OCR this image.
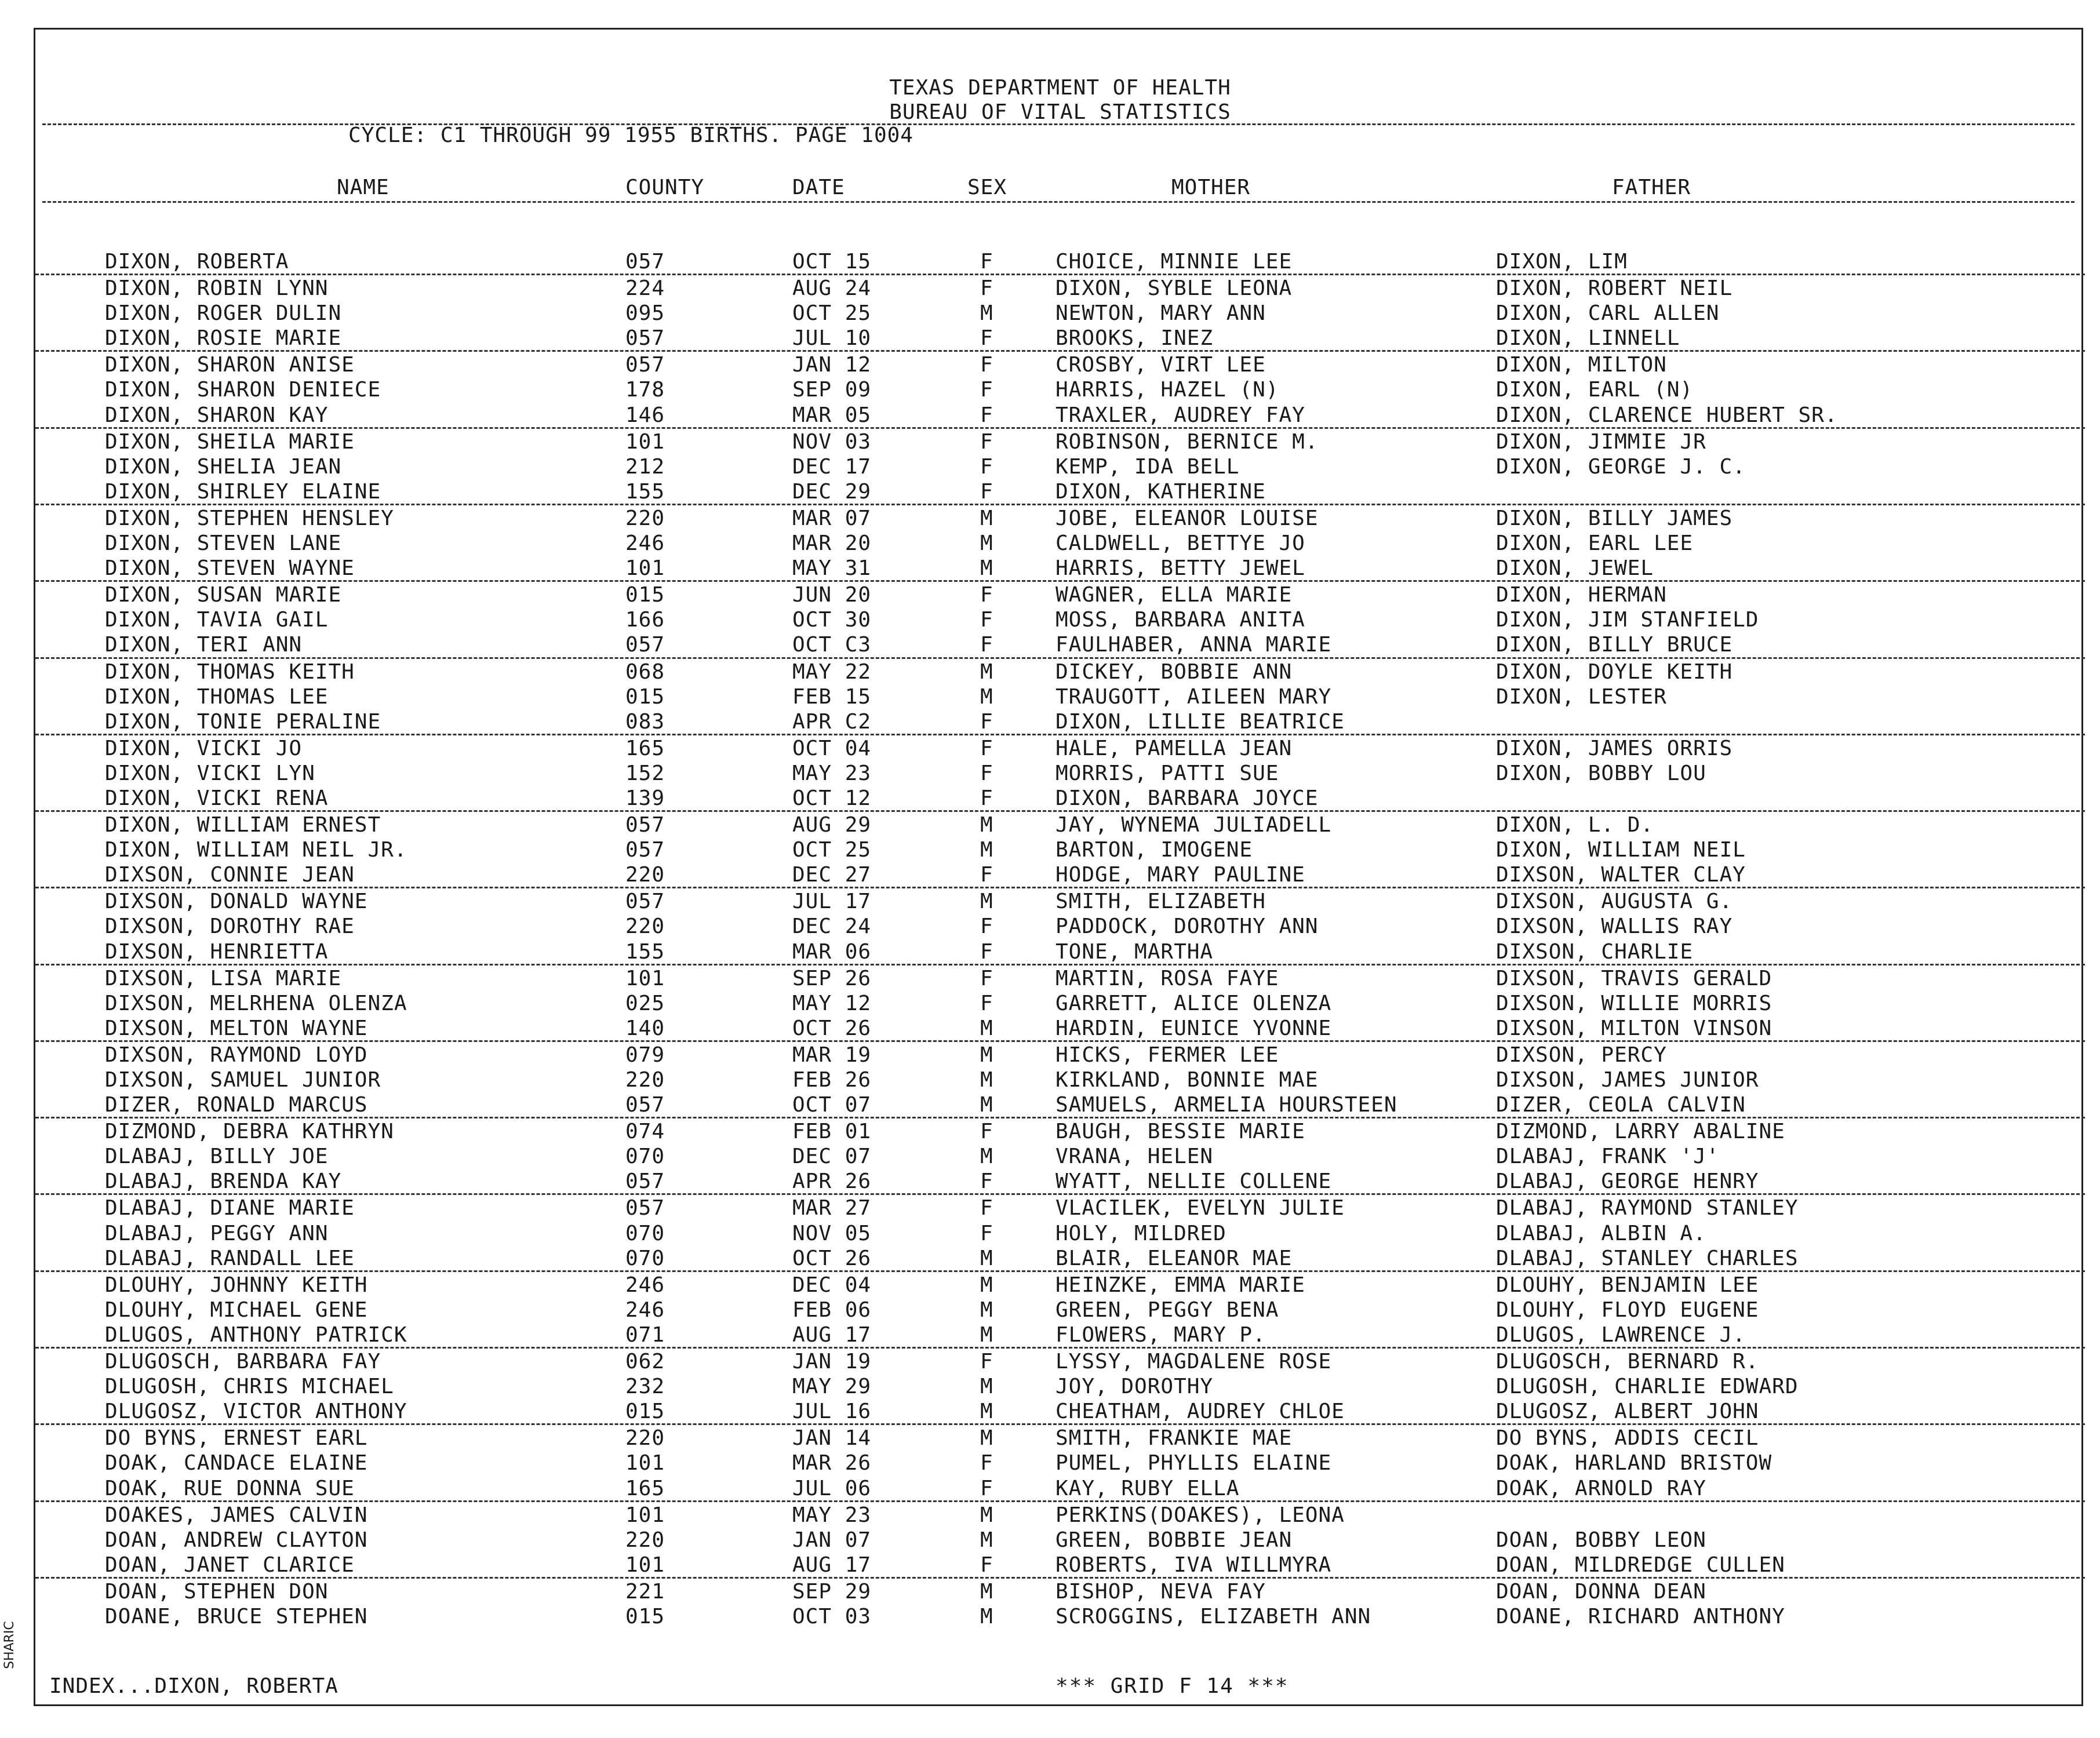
TEXAS DEPARTMENT OF HEALTH
BUREAU OF VITAL STATISTICS
CYCLE: C1 THROUGH 99 1955 BIRTHS. PAGE 1004
NAME	COUNTY	DATE	SEX	MOTHER	FATHER
DIXON, ROBERTA	057	OCT 15	F	CHOICE, MINNIE LEE	DIXON, LIM
DIXON, ROBIN LYNN	224	AUG 24	F	DIXON, SYBLE LEONA	DIXON, ROBERT NEIL
DIXON, ROGER DULIN	095	OCT 25	M	NEWTON, MARY ANN	DIXON, CARL ALLEN
DIXON, ROSIE MARIE	057	JUL 10	F	BROOKS, INEZ	DIXON, LINNELL
DIXON, SHARON ANISE	057	JAN 12	F	CROSBY, VIRT LEE	DIXON, MILTON
DIXON, SHARON DENIECE	178	SEP 09	F	HARRIS, HAZEL (N)	DIXON, EARL (N)
DIXON, SHARON KAY	146	MAR 05	F	TRAXLER, AUDREY FAY	DIXON, CLARENCE HUBERT SR.
DIXON, SHEILA MARIE	101	NOV 03	F	ROBINSON, BERNICE M.	DIXON, JIMMIE JR
DIXON, SHELIA JEAN	212	DEC 17	F	KEMP, IDA BELL	DIXON, GEORGE J. C.
DIXON, SHIRLEY ELAINE	155	DEC 29	F	DIXON, KATHERINE
DIXON, STEPHEN HENSLEY	220	MAR 07	M	JOBE, ELEANOR LOUISE	DIXON, BILLY JAMES
DIXON, STEVEN LANE	246	MAR 20	M	CALDWELL, BETTYE JO	DIXON, EARL LEE
DIXON, STEVEN WAYNE	101	MAY 31	M	HARRIS, BETTY JEWEL	DIXON, JEWEL
DIXON, SUSAN MARIE	015	JUN 20	F	WAGNER, ELLA MARIE	DIXON, HERMAN
DIXON, TAVIA GAIL	166	OCT 30	F	MOSS, BARBARA ANITA	DIXON, JIM STANFIELD
DIXON, TERI ANN	057	OCT C3	F	FAULHABER, ANNA MARIE	DIXON, BILLY BRUCE
DIXON, THOMAS KEITH	068	MAY 22	M	DICKEY, BOBBIE ANN	DIXON, DOYLE KEITH
DIXON, THOMAS LEE	015	FEB 15	M	TRAUGOTT, AILEEN MARY	DIXON, LESTER
DIXON, TONIE PERALINE	083	APR C2	F	DIXON, LILLIE BEATRICE
DIXON, VICKI JO	165	OCT 04	F	HALE, PAMELLA JEAN	DIXON, JAMES ORRIS
DIXON, VICKI LYN	152	MAY 23	F	MORRIS, PATTI SUE	DIXON, BOBBY LOU
DIXON, VICKI RENA	139	OCT 12	F	DIXON, BARBARA JOYCE
DIXON, WILLIAM ERNEST	057	AUG 29	M	JAY, WYNEMA JULIADELL	DIXON, L. D.
DIXON, WILLIAM NEIL JR.	057	OCT 25	M	BARTON, IMOGENE	DIXON, WILLIAM NEIL
DIXSON, CONNIE JEAN	220	DEC 27	F	HODGE, MARY PAULINE	DIXSON, WALTER CLAY
DIXSON, DONALD WAYNE	057	JUL 17	M	SMITH, ELIZABETH	DIXSON, AUGUSTA G.
DIXSON, DOROTHY RAE	220	DEC 24	F	PADDOCK, DOROTHY ANN	DIXSON, WALLIS RAY
DIXSON, HENRIETTA	155	MAR 06	F	TONE, MARTHA	DIXSON, CHARLIE
DIXSON, LISA MARIE	101	SEP 26	F	MARTIN, ROSA FAYE	DIXSON, TRAVIS GERALD
DIXSON, MELRHENA OLENZA	025	MAY 12	F	GARRETT, ALICE OLENZA	DIXSON, WILLIE MORRIS
DIXSON, MELTON WAYNE	140	OCT 26	M	HARDIN, EUNICE YVONNE	DIXSON, MILTON VINSON
DIXSON, RAYMOND LOYD	079	MAR 19	M	HICKS, FERMER LEE	DIXSON, PERCY
DIXSON, SAMUEL JUNIOR	220	FEB 26	M	KIRKLAND, BONNIE MAE	DIXSON, JAMES JUNIOR
DIZER, RONALD MARCUS	057	OCT 07	M	SAMUELS, ARMELIA HOURSTEEN	DIZER, CEOLA CALVIN
DIZMOND, DEBRA KATHRYN	074	FEB 01	F	BAUGH, BESSIE MARIE	DIZMOND, LARRY ABALINE
DLABAJ, BILLY JOE	070	DEC 07	M	VRANA, HELEN	DLABAJ, FRANK 'J'
DLABAJ, BRENDA KAY	057	APR 26	F	WYATT, NELLIE COLLENE	DLABAJ, GEORGE HENRY
DLABAJ, DIANE MARIE	057	MAR 27	F	VLACILEK, EVELYN JULIE	DLABAJ, RAYMOND STANLEY
DLABAJ, PEGGY ANN	070	NOV 05	F	HOLY, MILDRED	DLABAJ, ALBIN A.
DLABAJ, RANDALL LEE	070	OCT 26	M	BLAIR, ELEANOR MAE	DLABAJ, STANLEY CHARLES
DLOUHY, JOHNNY KEITH	246	DEC 04	M	HEINZKE, EMMA MARIE	DLOUHY, BENJAMIN LEE
DLOUHY, MICHAEL GENE	246	FEB 06	M	GREEN, PEGGY BENA	DLOUHY, FLOYD EUGENE
DLUGOS, ANTHONY PATRICK	071	AUG 17	M	FLOWERS, MARY P.	DLUGOS, LAWRENCE J.
DLUGOSCH, BARBARA FAY	062	JAN 19	F	LYSSY, MAGDALENE ROSE	DLUGOSCH, BERNARD R.
DLUGOSH, CHRIS MICHAEL	232	MAY 29	M	JOY, DOROTHY	DLUGOSH, CHARLIE EDWARD
DLUGOSZ, VICTOR ANTHONY	015	JUL 16	M	CHEATHAM, AUDREY CHLOE	DLUGOSZ, ALBERT JOHN
DO BYNS, ERNEST EARL	220	JAN 14	M	SMITH, FRANKIE MAE	DO BYNS, ADDIS CECIL
DOAK, CANDACE ELAINE	101	MAR 26	F	PUMEL, PHYLLIS ELAINE	DOAK, HARLAND BRISTOW
DOAK, RUE DONNA SUE	165	JUL 06	F	KAY, RUBY ELLA	DOAK, ARNOLD RAY
DOAKES, JAMES CALVIN	101	MAY 23	M	PERKINS(DOAKES), LEONA
DOAN, ANDREW CLAYTON	220	JAN 07	M	GREEN, BOBBIE JEAN	DOAN, BOBBY LEON
DOAN, JANET CLARICE	101	AUG 17	F	ROBERTS, IVA WILLMYRA	DOAN, MILDREDGE CULLEN
DOAN, STEPHEN DON	221	SEP 29	M	BISHOP, NEVA FAY	DOAN, DONNA DEAN
DOANE, BRUCE STEPHEN	015	OCT 03	M	SCROGGINS, ELIZABETH ANN	DOANE, RICHARD ANTHONY
INDEX...DIXON, ROBERTA	*** GRID F 14 ***
SHARIC
